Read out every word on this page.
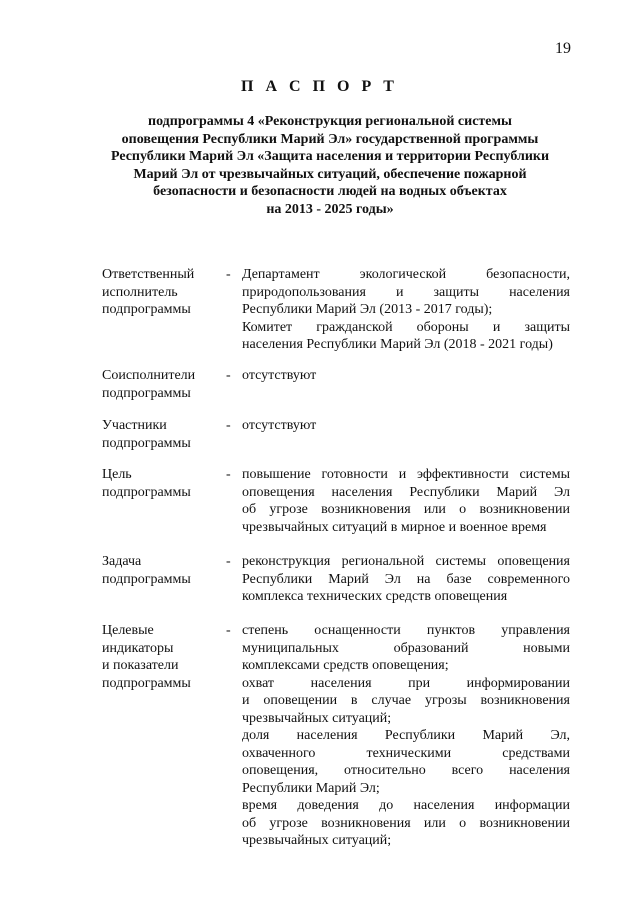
19
П А С П О Р Т
подпрограммы 4 «Реконструкция региональной системы
оповещения Республики Марий Эл» государственной программы
Республики Марий Эл «Защита населения и территории Республики
Марий Эл от чрезвычайных ситуаций, обеспечение пожарной
безопасности и безопасности людей на водных объектах
на 2013 - 2025 годы»
Ответственный
исполнитель
подпрограммы
- Департамент экологической безопасности,
природопользования и защиты населения
Республики Марий Эл (2013 - 2017 годы);
Комитет гражданской обороны и защиты
населения Республики Марий Эл (2018 - 2021 годы)
Соисполнители
подпрограммы
- отсутствуют
Участники
подпрограммы
- отсутствуют
Цель
подпрограммы
- повышение готовности и эффективности системы
оповещения населения Республики Марий Эл
об угрозе возникновения или о возникновении
чрезвычайных ситуаций в мирное и военное время
Задача
подпрограммы
- реконструкция региональной системы оповещения
Республики Марий Эл на базе современного
комплекса технических средств оповещения
Целевые
индикаторы
и показатели
подпрограммы
- степень оснащенности пунктов управления
муниципальных образований новыми
комплексами средств оповещения;
охват населения при информировании
и оповещении в случае угрозы возникновения
чрезвычайных ситуаций;
доля населения Республики Марий Эл,
охваченного техническими средствами
оповещения, относительно всего населения
Республики Марий Эл;
время доведения до населения информации
об угрозе возникновения или о возникновении
чрезвычайных ситуаций;
